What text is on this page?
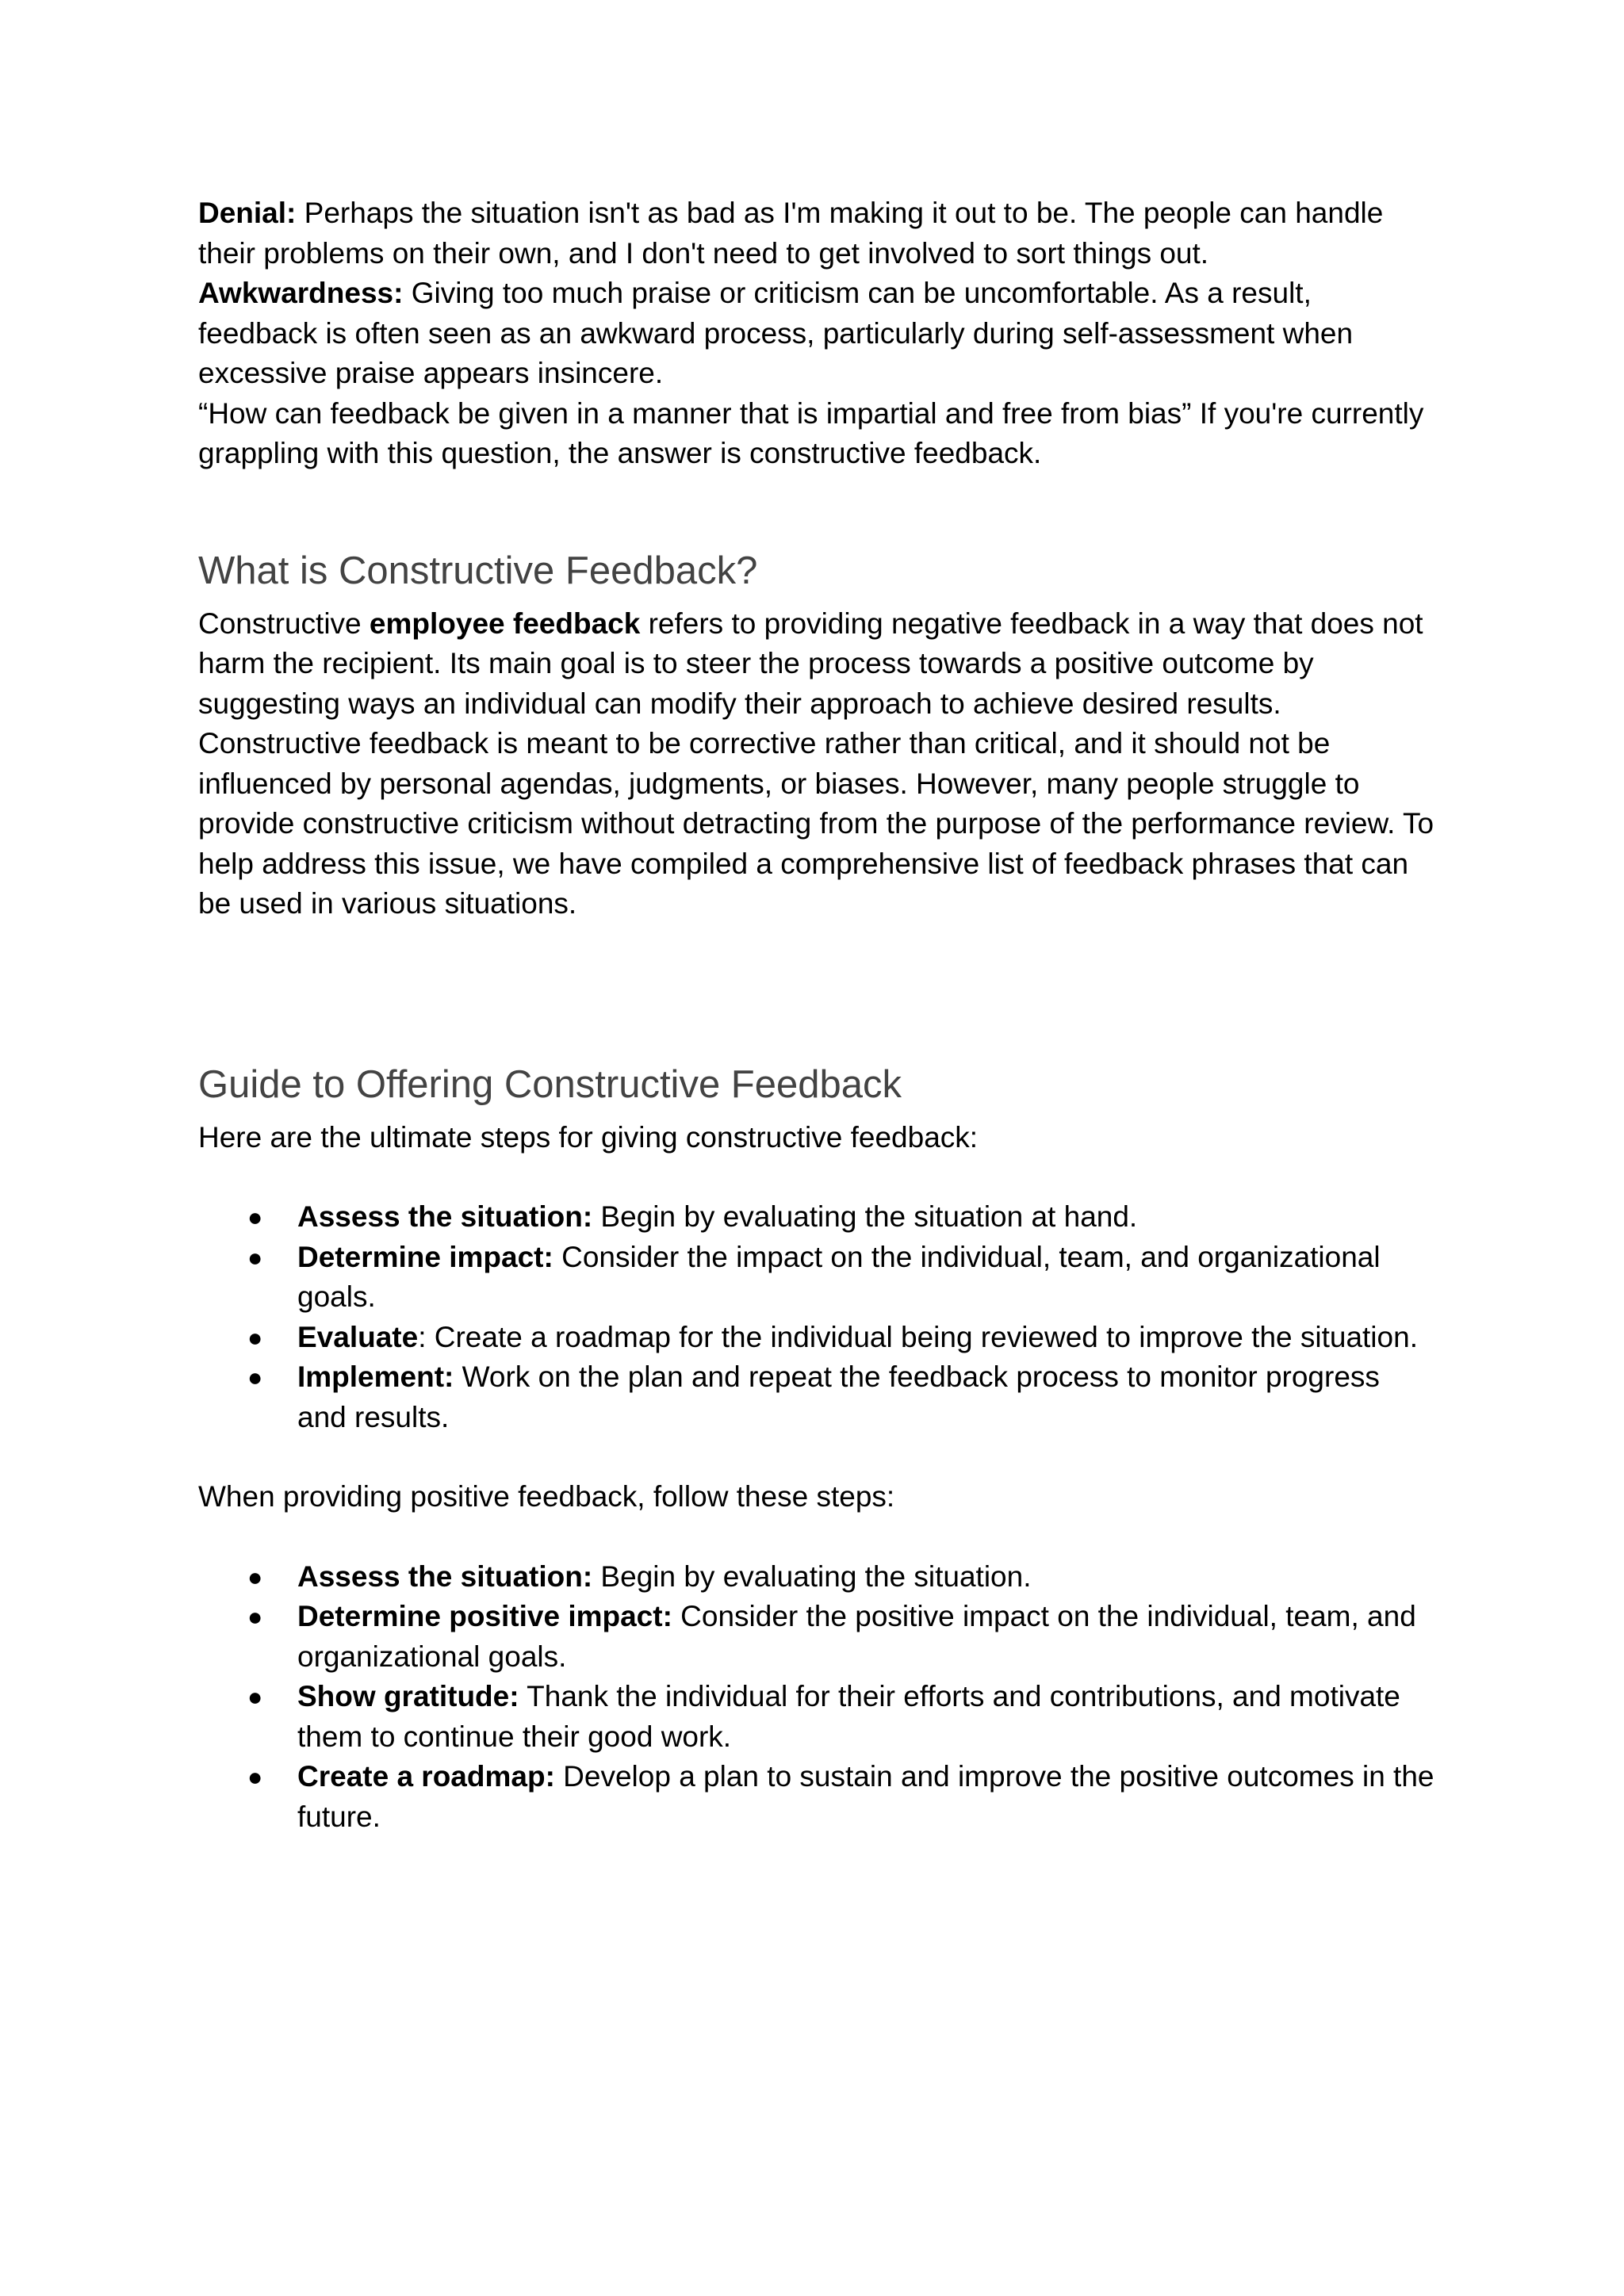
Denial: Perhaps the situation isn't as bad as I'm making it out to be. The people can handle their problems on their own, and I don't need to get involved to sort things out.

Awkwardness: Giving too much praise or criticism can be uncomfortable. As a result, feedback is often seen as an awkward process, particularly during self-assessment when excessive praise appears insincere.

“How can feedback be given in a manner that is impartial and free from bias” If you're currently grappling with this question, the answer is constructive feedback.

What is Constructive Feedback?

Constructive employee feedback refers to providing negative feedback in a way that does not harm the recipient. Its main goal is to steer the process towards a positive outcome by suggesting ways an individual can modify their approach to achieve desired results. Constructive feedback is meant to be corrective rather than critical, and it should not be influenced by personal agendas, judgments, or biases. However, many people struggle to provide constructive criticism without detracting from the purpose of the performance review. To help address this issue, we have compiled a comprehensive list of feedback phrases that can be used in various situations.

Guide to Offering Constructive Feedback

Here are the ultimate steps for giving constructive feedback:

●	Assess the situation: Begin by evaluating the situation at hand.
●	Determine impact: Consider the impact on the individual, team, and organizational goals.
●	Evaluate: Create a roadmap for the individual being reviewed to improve the situation.
●	Implement: Work on the plan and repeat the feedback process to monitor progress and results.

When providing positive feedback, follow these steps:

●	Assess the situation: Begin by evaluating the situation.
●	Determine positive impact: Consider the positive impact on the individual, team, and organizational goals.
●	Show gratitude: Thank the individual for their efforts and contributions, and motivate them to continue their good work.
●	Create a roadmap: Develop a plan to sustain and improve the positive outcomes in the future.
